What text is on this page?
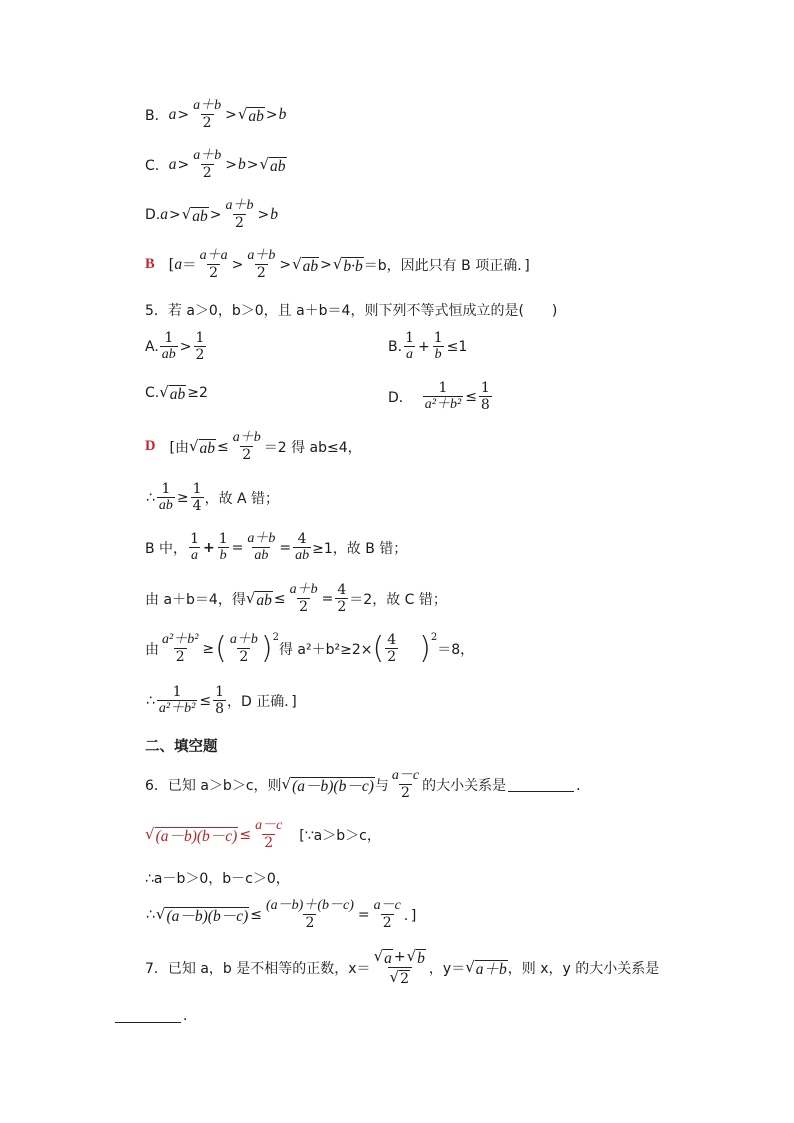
B． $a > \frac{a+b}{2}$ > √ ab > b
C． $a > \frac{a+b}{2} > b$ > √ ab
D. a > √ ab > $\frac{a+b}{2} > b$
B [ $a = \frac{a+a}{2} > \frac{a+b}{2}$ > √ ab > √ b·b ＝b，因此只有 B 项正确．]
5．若 a＞0，b＞0，且 a＋b＝4，则下列不等式恒成立的是(　　)
A. $\frac{1}{ab} > \frac{1}{2}$	B. $\frac{1}{a} + \frac{1}{b} \le 1$
C. √ ab ≥2	D． $\frac{1}{\text{a²＋b²}} \le \frac{1}{8}$
D [由 √ ab ≤ $\frac{a+b}{2} =2$ 得 ab≤4，
∴ $\frac{1}{ab} \ge \frac{1}{4}$ ，故 A 错；
B 中， $\frac{1}{a} + \frac{1}{b} = \frac{a+b}{ab} = \frac{4}{ab} \ge 1$，故 B 错；
由 a＋b＝4，得 √ ab ≤ $\frac{a+b}{2} = \frac{4}{2} =2$，故 C 错；
由 $\frac{\text{a²＋b²}}{2}$ ≥ ( $\frac{a+b}{2}$ ) 2
得 a²＋b²≥2× ( $\frac{4}{2}$ ) 2
＝8，
∴ $\frac{1}{\text{a²＋b²}} \le \frac{1}{8}$ ，D 正确．]
二、填空题
6．已知 a＞b＞c，则 √ (a－b)(b－c) 与 $\frac{a-c}{2}$ 的大小关系是	．
√ $(a-b)(b-c) \le \frac{a-c}{2}$ [∵a＞b＞c，
∴a－b＞0，b－c＞0，
∴ √ $(a-b)(b-c) \le \frac{(a-b)+(b-c)}{2} = \frac{a-c}{2}$ ．]
7．已知 a，b 是不相等的正数，$x= \frac{√ a + √ b}{√ 2}$ ，y＝ √ a＋b ，则 x，y 的大小关系是
．
